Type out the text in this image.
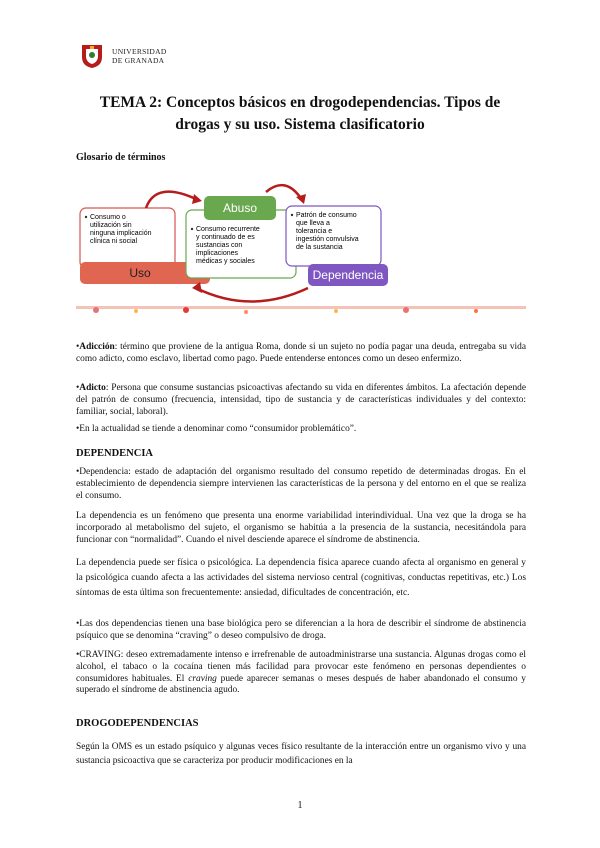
UNIVERSIDAD
DE GRANADA
TEMA 2: Conceptos básicos en drogodependencias. Tipos de
drogas y su uso. Sistema clasificatorio
Glosario de términos
Consumo o
utilización sin
ninguna implicación
clínica ni social
Uso
Abuso
Consumo recurrente
y continuado de es
sustancias con
implicaciones
médicas y sociales
Patrón de consumo
que lleva a
tolerancia e
ingestión convulsiva
de la sustancia
Dependencia
•Adicción: término que proviene de la antigua Roma, donde si un sujeto no podía pagar una deuda, entregaba su vida como adicto, como esclavo, libertad como pago. Puede entenderse entonces como un deseo enfermizo.
•Adicto: Persona que consume sustancias psicoactivas afectando su vida en diferentes ámbitos. La afectación depende del patrón de consumo (frecuencia, intensidad, tipo de sustancia y de características individuales y del contexto: familiar, social, laboral).
•En la actualidad se tiende a denominar como “consumidor problemático”.
DEPENDENCIA
•Dependencia: estado de adaptación del organismo resultado del consumo repetido de determinadas drogas. En el establecimiento de dependencia siempre intervienen las características de la persona y del entorno en el que se realiza el consumo.
La dependencia es un fenómeno que presenta una enorme variabilidad interindividual. Una vez que la droga se ha incorporado al metabolismo del sujeto, el organismo se habitúa a la presencia de la sustancia, necesitándola para funcionar con “normalidad”. Cuando el nivel desciende aparece el síndrome de abstinencia.
La dependencia puede ser física o psicológica. La dependencia física aparece cuando afecta al organismo en general y la psicológica cuando afecta a las actividades del sistema nervioso central (cognitivas, conductas repetitivas, etc.) Los síntomas de esta última son frecuentemente: ansiedad, dificultades de concentración, etc.
•Las dos dependencias tienen una base biológica pero se diferencian a la hora de describir el síndrome de abstinencia psíquico que se denomina “craving” o deseo compulsivo de droga.
•CRAVING: deseo extremadamente intenso e irrefrenable de autoadministrarse una sustancia. Algunas drogas como el alcohol, el tabaco o la cocaína tienen más facilidad para provocar este fenómeno en personas dependientes o consumidores habituales. El craving puede aparecer semanas o meses después de haber abandonado el consumo y superado el síndrome de abstinencia agudo.
DROGODEPENDENCIAS
Según la OMS es un estado psíquico y algunas veces físico resultante de la interacción entre un organismo vivo y una sustancia psicoactiva que se caracteriza por producir modificaciones en la
1
